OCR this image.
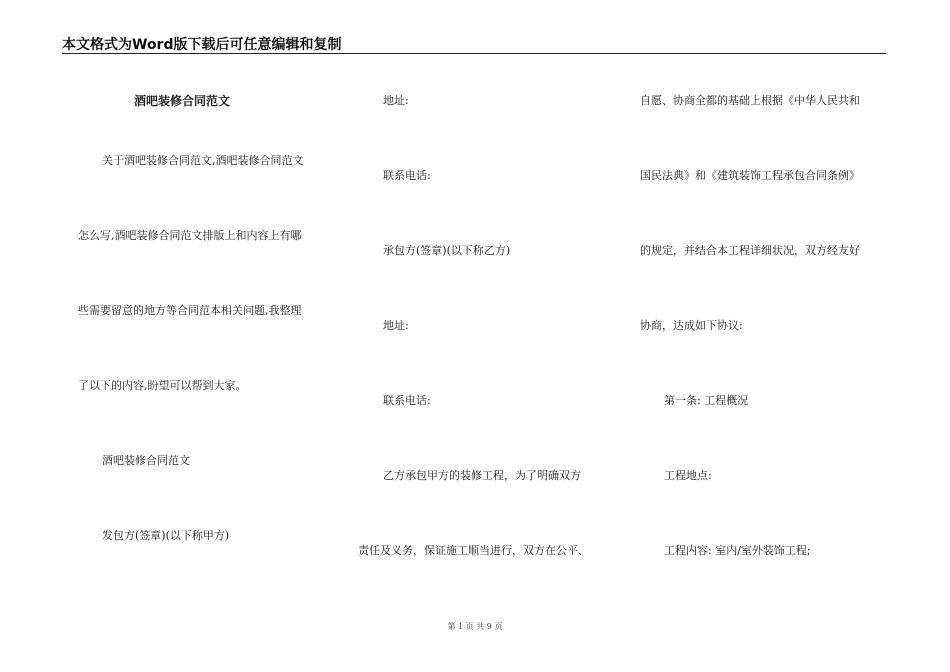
本文格式为Word版下载后可任意编辑和复制
酒吧装修合同范文
关于酒吧装修合同范文,酒吧装修合同范文
怎么写,酒吧装修合同范文排版上和内容上有哪
些需要留意的地方等合同范本相关问题,我整理
了以下的内容,盼望可以帮到大家。
酒吧装修合同范文
发包方(签章)(以下称甲方)
地址:
联系电话:
承包方(签章)(以下称乙方)
地址:
联系电话:
乙方承包甲方的装修工程，为了明确双方
责任及义务，保证施工顺当进行，双方在公平、
自愿、协商全都的基础上根据《中华人民共和
国民法典》和《建筑装饰工程承包合同条例》
的规定，并结合本工程详细状况，双方经友好
协商，达成如下协议:
第一条: 工程概况
工程地点:
工程内容: 室内/室外装饰工程;
第 1 页 共 9 页
